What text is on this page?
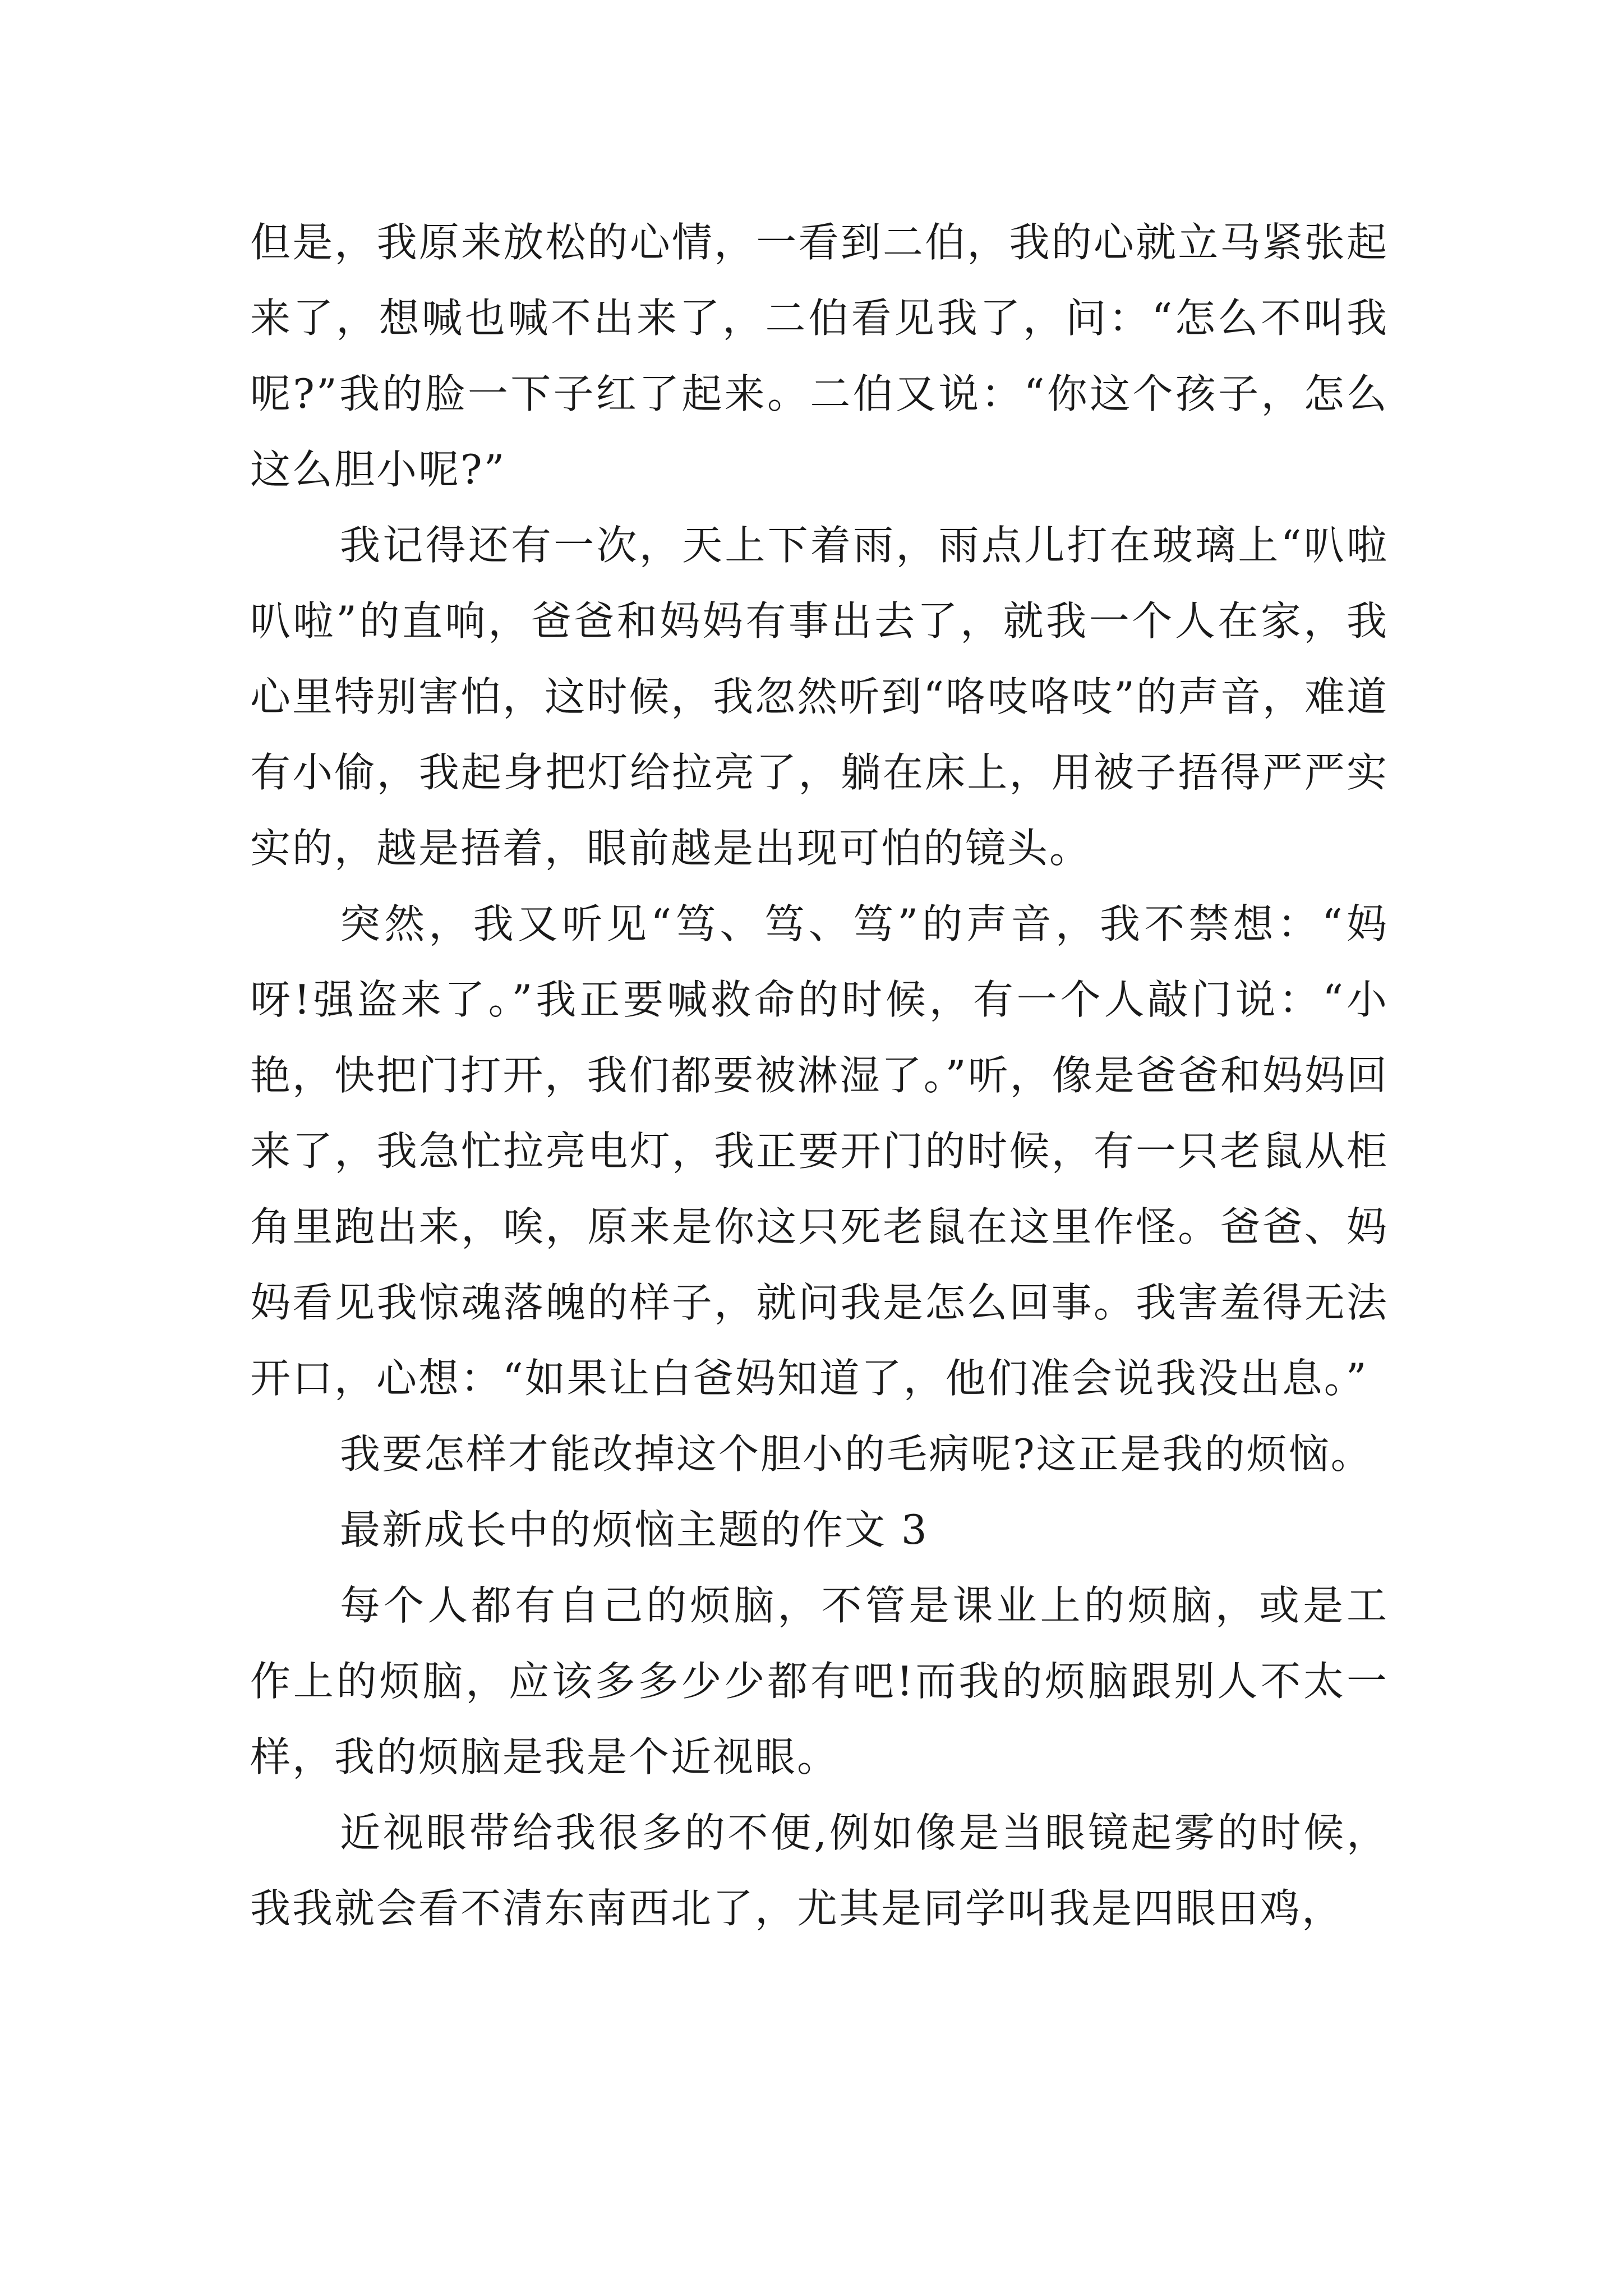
但是，我原来放松的心情，一看到二伯，我的心就立马紧张起来了，想喊也喊不出来了，二伯看见我了，问：“怎么不叫我呢?”我的脸一下子红了起来。二伯又说：“你这个孩子，怎么这么胆小呢?”

我记得还有一次，天上下着雨，雨点儿打在玻璃上“叭啦叭啦”的直响，爸爸和妈妈有事出去了，就我一个人在家，我心里特别害怕，这时候，我忽然听到“咯吱咯吱”的声音，难道有小偷，我起身把灯给拉亮了，躺在床上，用被子捂得严严实实的，越是捂着，眼前越是出现可怕的镜头。

突然，我又听见“笃、笃、笃”的声音，我不禁想：“妈呀!强盗来了。”我正要喊救命的时候，有一个人敲门说：“小艳，快把门打开，我们都要被淋湿了。”听，像是爸爸和妈妈回来了，我急忙拉亮电灯，我正要开门的时候，有一只老鼠从柜角里跑出来，唉，原来是你这只死老鼠在这里作怪。爸爸、妈妈看见我惊魂落魄的样子，就问我是怎么回事。我害羞得无法开口，心想：“如果让白爸妈知道了，他们准会说我没出息。”

我要怎样才能改掉这个胆小的毛病呢?这正是我的烦恼。

最新成长中的烦恼主题的作文 3

每个人都有自己的烦脑，不管是课业上的烦脑，或是工作上的烦脑，应该多多少少都有吧!而我的烦脑跟别人不太一样，我的烦脑是我是个近视眼。

近视眼带给我很多的不便,例如像是当眼镜起雾的时候，我我就会看不清东南西北了，尤其是同学叫我是四眼田鸡，
